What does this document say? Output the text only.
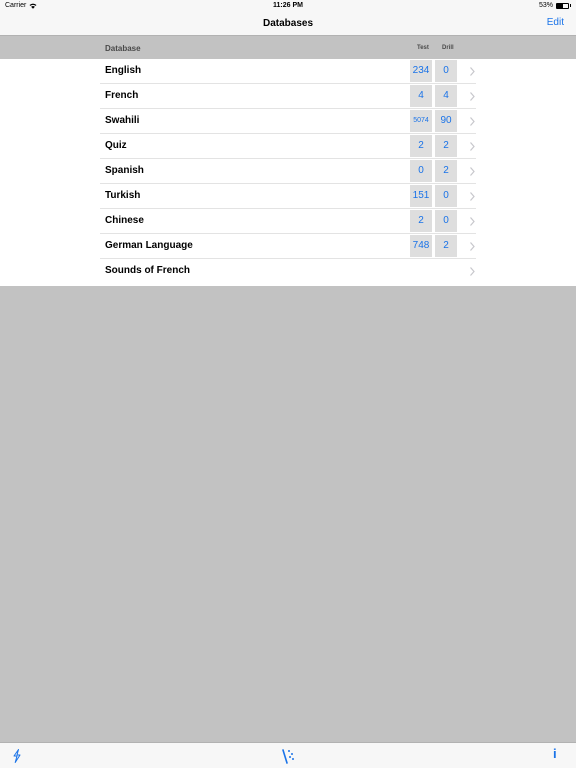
Carrier	11:26 PM	53%
Databases	Edit
Database	Test Drill
English	234	0
French	4	4
Swahili	5074	90
Quiz	2	2
Spanish	0	2
Turkish	151	0
Chinese	2	0
German Language	748	2
Sounds of French
i
